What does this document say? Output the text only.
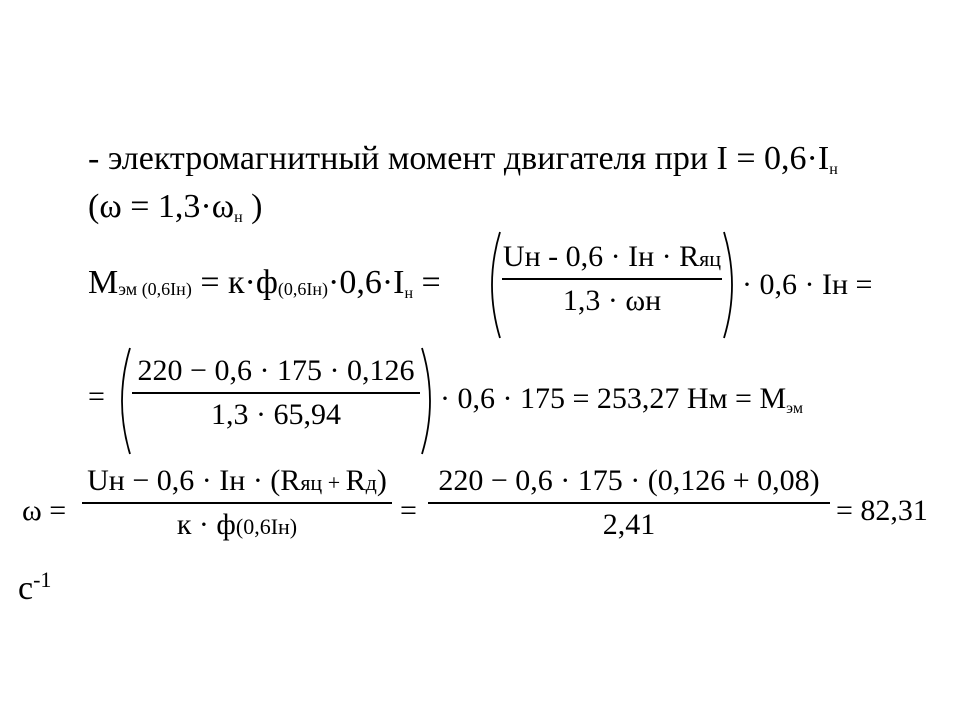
- электромагнитный момент двигателя при $I = 0,6\cdot I_н$
($\omega = 1,3\cdot\omega_н$ )
Mэм $(0,6Iн) = к\cdot ф(0,6Iн)\cdot 0,6\cdot I_н$ =
Uн - 0,6 · Iн · Rяц
1,3 · ωн	· 0,6 · Iн =
=
220 − 0,6 · 175 · 0,126
1,3 · 65,94	· 0,6 · 175 = 253,27 Нм = $M_{эм}$
ω =
Uн − 0,6 · Iн · (Rяц + Rд)
к · ф(0,6Iн)	=
220 − 0,6 · 175 · (0,126 + 0,08)
2,41	= 82,31
$с^{-1}$
